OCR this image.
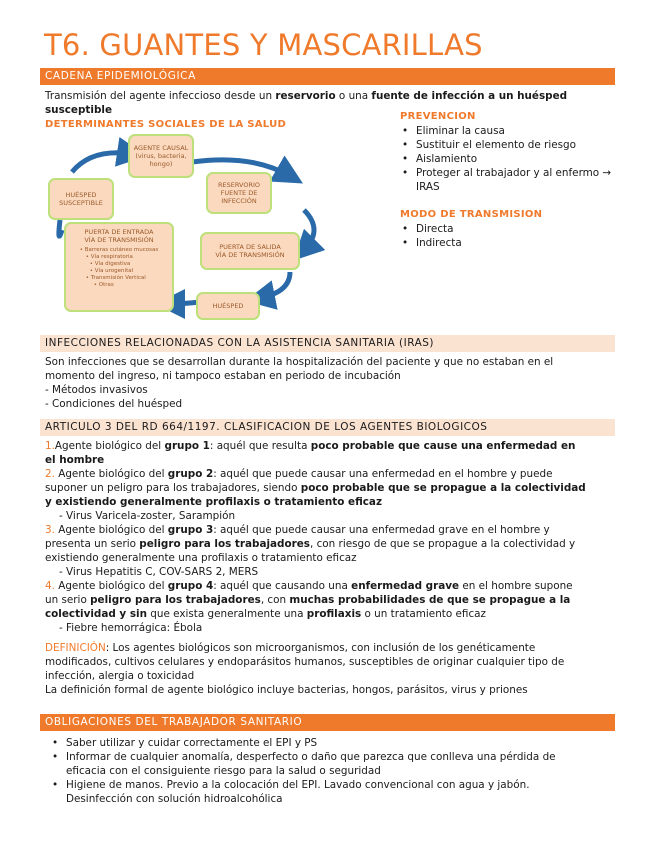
T6. GUANTES Y MASCARILLAS
CADENA EPIDEMIOLÓGICA
Transmisión del agente infeccioso desde un reservorio o una fuente de infección a un huésped
susceptible
DETERMINANTES SOCIALES DE LA SALUD
AGENTE CAUSAL
(virus, bacteria,
hongo)
RESERVORIO
FUENTE DE
INFECCIÓN
PUERTA DE SALIDA
VÍA DE TRANSMISIÓN
HUÉSPED
HUÉSPED
SUSCEPTIBLE
PUERTA DE ENTRADA
VÍA DE TRANSMISIÓN
• Barreras cutáneo mucosas
• Vía respiratoria
• Vía digestiva
• Vía urogenital
• Transmisión Vertical
• Otras
PREVENCION
• Eliminar la causa
• Sustituir el elemento de riesgo
• Aislamiento
• Proteger al trabajador y al enfermo →
IRAS
MODO DE TRANSMISION
• Directa
• Indirecta
INFECCIONES RELACIONADAS CON LA ASISTENCIA SANITARIA (IRAS)
Son infecciones que se desarrollan durante la hospitalización del paciente y que no estaban en el
momento del ingreso, ni tampoco estaban en periodo de incubación
- Métodos invasivos
- Condiciones del huésped
ARTICULO 3 DEL RD 664/1197. CLASIFICACION DE LOS AGENTES BIOLOGICOS
1.Agente biológico del grupo 1: aquél que resulta poco probable que cause una enfermedad en
el hombre
2. Agente biológico del grupo 2: aquél que puede causar una enfermedad en el hombre y puede
suponer un peligro para los trabajadores, siendo poco probable que se propague a la colectividad
y existiendo generalmente profilaxis o tratamiento eficaz
- Virus Varicela-zoster, Sarampión
3. Agente biológico del grupo 3: aquél que puede causar una enfermedad grave en el hombre y
presenta un serio peligro para los trabajadores, con riesgo de que se propague a la colectividad y
existiendo generalmente una profilaxis o tratamiento eficaz
- Virus Hepatitis C, COV-SARS 2, MERS
4. Agente biológico del grupo 4: aquél que causando una enfermedad grave en el hombre supone
un serio peligro para los trabajadores, con muchas probabilidades de que se propague a la
colectividad y sin que exista generalmente una profilaxis o un tratamiento eficaz
- Fiebre hemorrágica: Ébola
DEFINICIÓN: Los agentes biológicos son microorganismos, con inclusión de los genéticamente
modificados, cultivos celulares y endoparásitos humanos, susceptibles de originar cualquier tipo de
infección, alergia o toxicidad
La definición formal de agente biológico incluye bacterias, hongos, parásitos, virus y priones
OBLIGACIONES DEL TRABAJADOR SANITARIO
• Saber utilizar y cuidar correctamente el EPI y PS
• Informar de cualquier anomalía, desperfecto o daño que parezca que conlleva una pérdida de
eficacia con el consiguiente riesgo para la salud o seguridad
• Higiene de manos. Previo a la colocación del EPI. Lavado convencional con agua y jabón.
Desinfección con solución hidroalcohólica
